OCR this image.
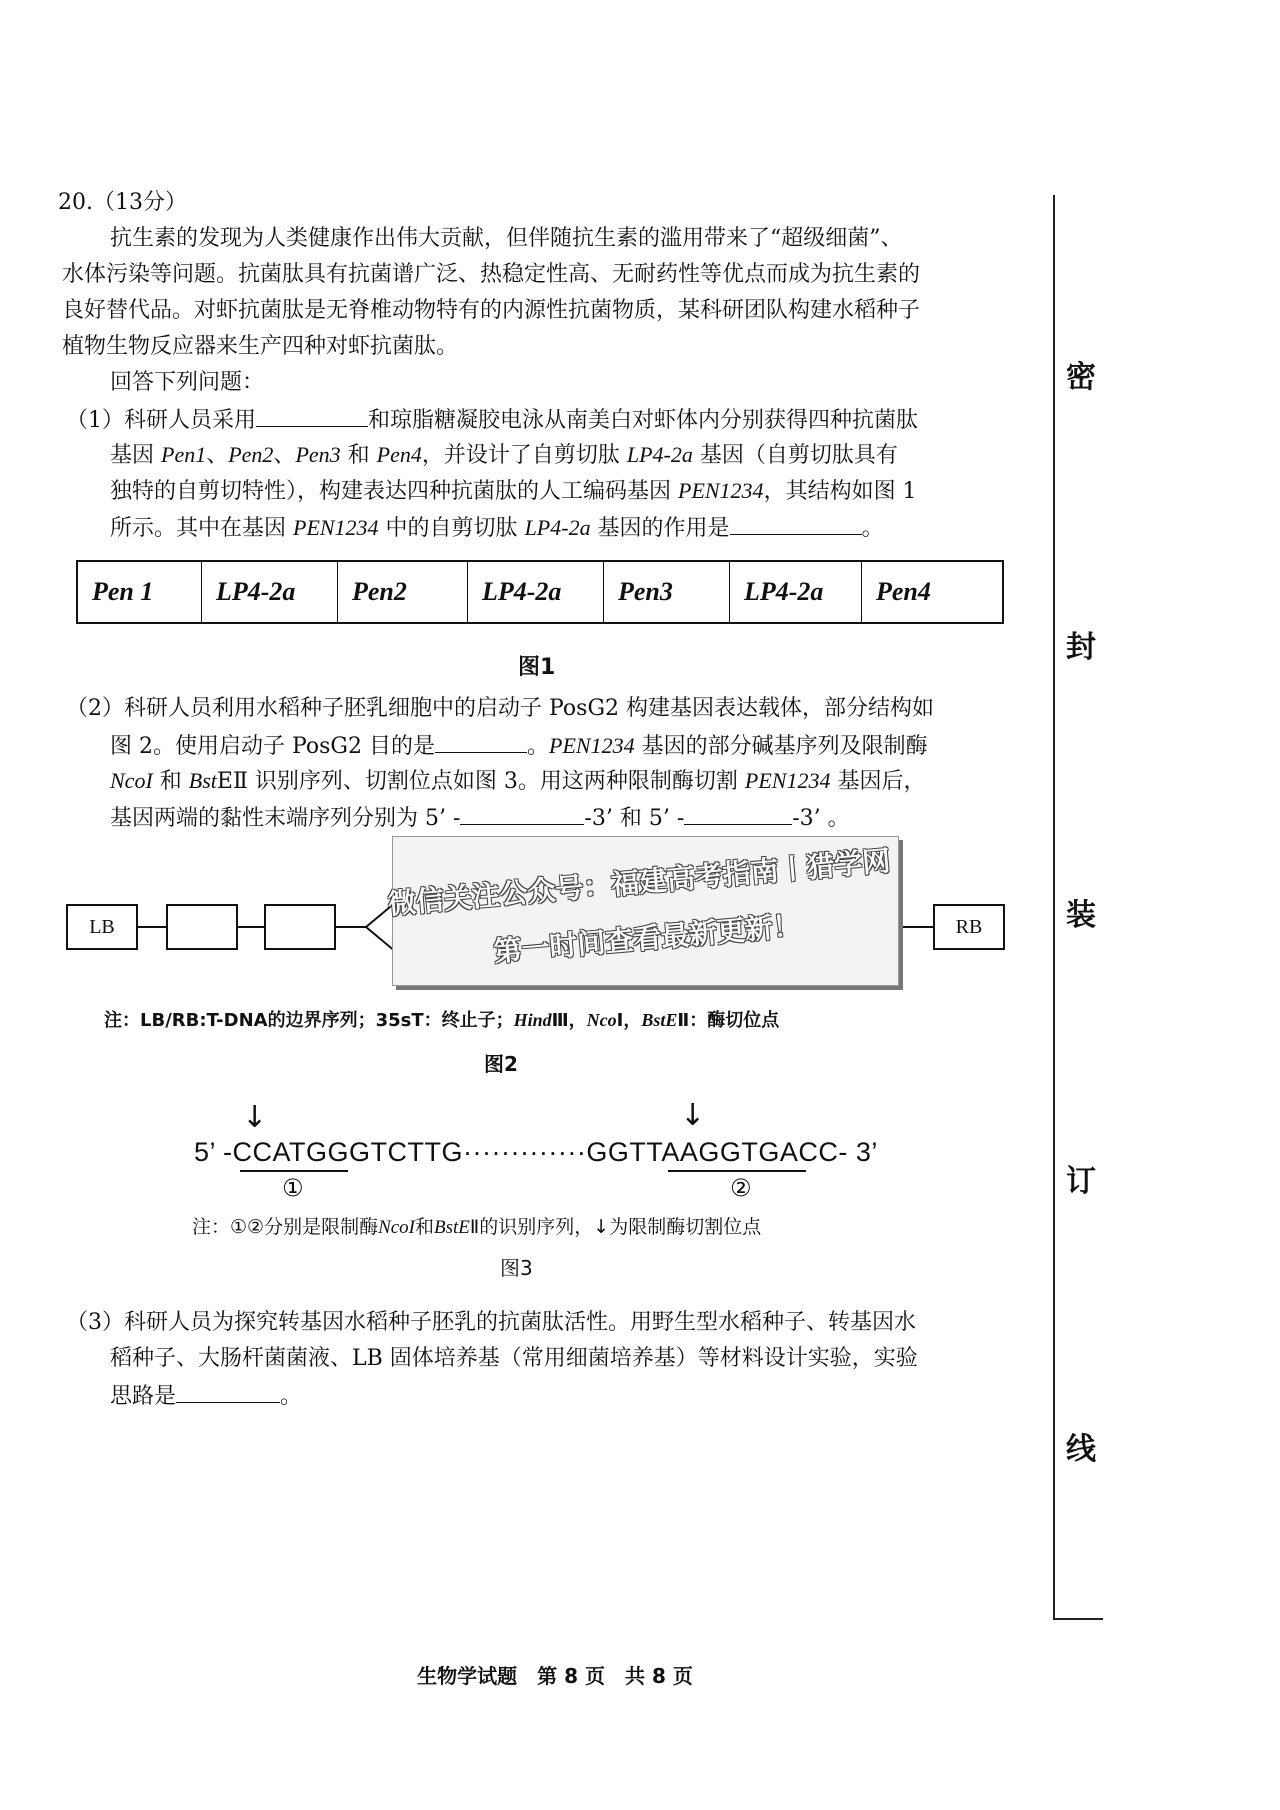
20.（13分）
抗生素的发现为人类健康作出伟大贡献，但伴随抗生素的滥用带来了“超级细菌”、
水体污染等问题。抗菌肽具有抗菌谱广泛、热稳定性高、无耐药性等优点而成为抗生素的
良好替代品。对虾抗菌肽是无脊椎动物特有的内源性抗菌物质，某科研团队构建水稻种子
植物生物反应器来生产四种对虾抗菌肽。
回答下列问题：
（1）科研人员采用	和琼脂糖凝胶电泳从南美白对虾体内分别获得四种抗菌肽
基因 Pen1、Pen2、Pen3 和 Pen4，并设计了自剪切肽 LP4-2a 基因（自剪切肽具有
独特的自剪切特性），构建表达四种抗菌肽的人工编码基因 PEN1234，其结构如图 1
所示。其中在基因 PEN1234 中的自剪切肽 LP4-2a 基因的作用是	。
Pen 1	LP4-2a	Pen2	LP4-2a	Pen3	LP4-2a	Pen4
图1
（2）科研人员利用水稻种子胚乳细胞中的启动子 PosG2 构建基因表达载体，部分结构如
图 2。使用启动子 PosG2 目的是	。PEN1234 基因的部分碱基序列及限制酶
NcoI 和 BstEⅡ 识别序列、切割位点如图 3。用这两种限制酶切割 PEN1234 基因后，
基因两端的黏性末端序列分别为 5’ -	-3’ 和 5’ -	-3’ 。
LB	RB
微信关注公众号：福建高考指南丨猎学网
第一时间查看最新更新！
注：LB/RB:T-DNA的边界序列；35sT：终止子；HindⅢ，NcoⅠ，BstEⅡ：酶切位点
图2
↓	↓
5’ -CCATGGGTCTTG·············GGTTAAGGTGACC- 3’
①	②
注：①②分别是限制酶NcoI和BstEⅡ的识别序列，↓为限制酶切割位点
图3
（3）科研人员为探究转基因水稻种子胚乳的抗菌肽活性。用野生型水稻种子、转基因水
稻种子、大肠杆菌菌液、LB 固体培养基（常用细菌培养基）等材料设计实验，实验
思路是	。
密
封
装
订
线
生物学试题　第 8 页　共 8 页
